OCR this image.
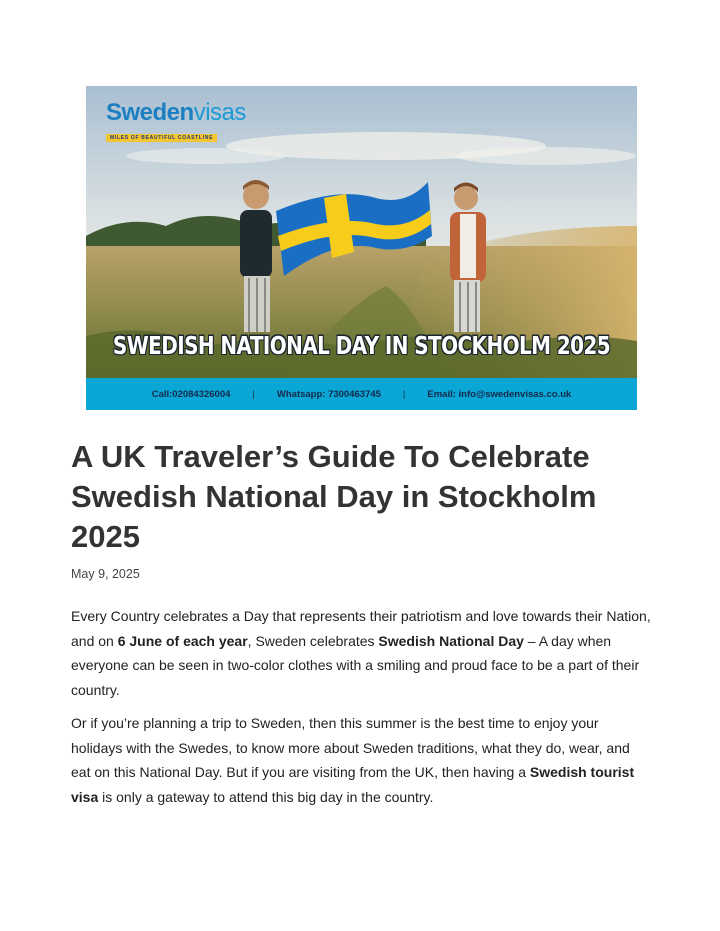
Swedenvisas
MILES OF BEAUTIFUL COASTLINE
SWEDISH NATIONAL DAY IN STOCKHOLM 2025
Call:02084326004 | Whatsapp: 7300463745 | Email: info@swedenvisas.co.uk
A UK Traveler’s Guide To Celebrate Swedish National Day in Stockholm 2025
May 9, 2025

Every Country celebrates a Day that represents their patriotism and love towards their Nation, and on 6 June of each year, Sweden celebrates Swedish National Day – A day when everyone can be seen in two-color clothes with a smiling and proud face to be a part of their country.

Or if you’re planning a trip to Sweden, then this summer is the best time to enjoy your holidays with the Swedes, to know more about Sweden traditions, what they do, wear, and eat on this National Day. But if you are visiting from the UK, then having a Swedish tourist visa is only a gateway to attend this big day in the country.
